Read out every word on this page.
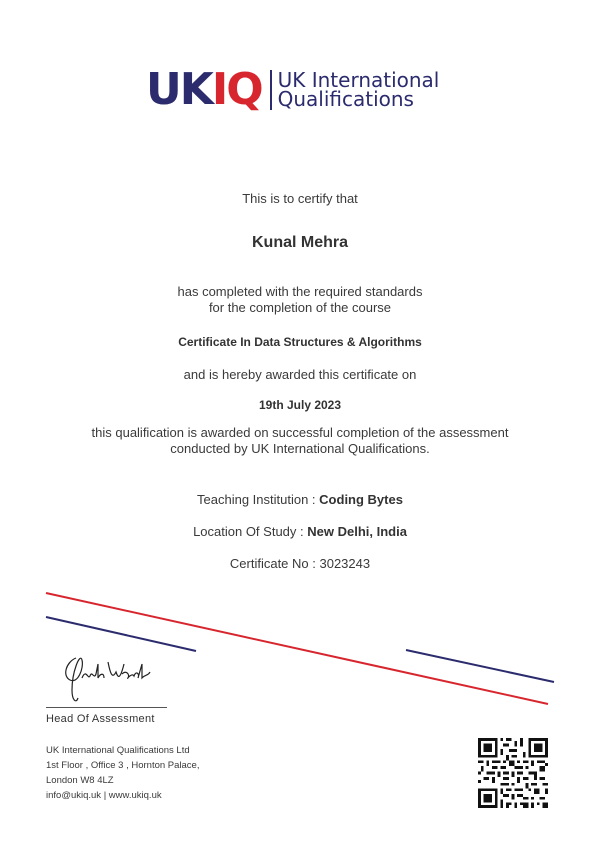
UKIQ UK International
Qualifications
This is to certify that
Kunal Mehra
has completed with the required standards
for the completion of the course
Certificate In Data Structures & Algorithms
and is hereby awarded this certificate on
19th July 2023
this qualification is awarded on successful completion of the assessment
conducted by UK International Qualifications.
Teaching Institution : Coding Bytes
Location Of Study : New Delhi, India
Certificate No : 3023243
Head Of Assessment
UK International Qualifications Ltd
1st Floor , Office 3 , Hornton Palace,
London W8 4LZ
info@ukiq.uk | www.ukiq.uk
